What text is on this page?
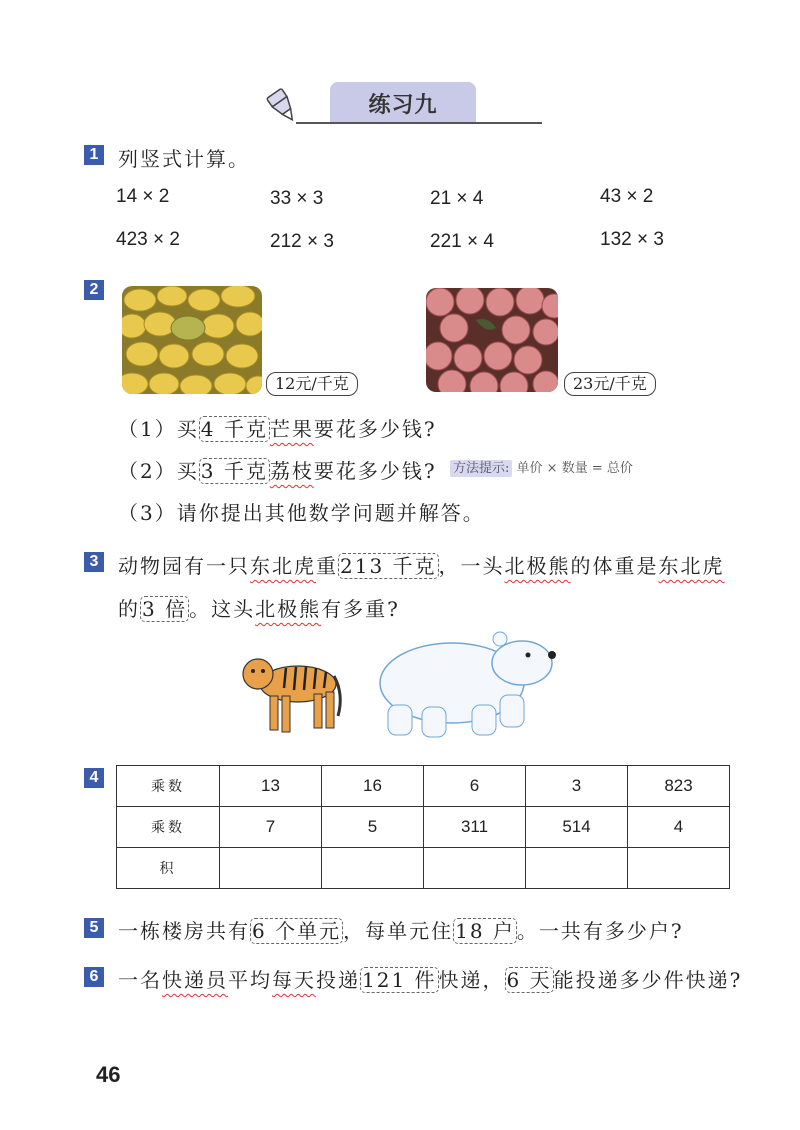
练习九
1 列竖式计算。
14 × 2	33 × 3	21 × 4	43 × 2
423 × 2	212 × 3	221 × 4	132 × 3
2
12元/千克	23元/千克
（1）买 4 千克 芒果要花多少钱?
（2）买 3 千克 荔枝要花多少钱? 方法提示: 单价 × 数量 = 总价
（3）请你提出其他数学问题并解答。
3 动物园有一只东北虎重 213 千克 ，一头北极熊的体重是东北虎
的 3 倍 。这头北极熊有多重?
4
乘数	13	16	6	3	823
乘数	7	5	311	514	4
积					
5 一栋楼房共有 6 个单元 ，每单元住 18 户 。一共有多少户?
6 一名快递员平均每天投递 121 件 快递， 6 天 能投递多少件快递?
46
